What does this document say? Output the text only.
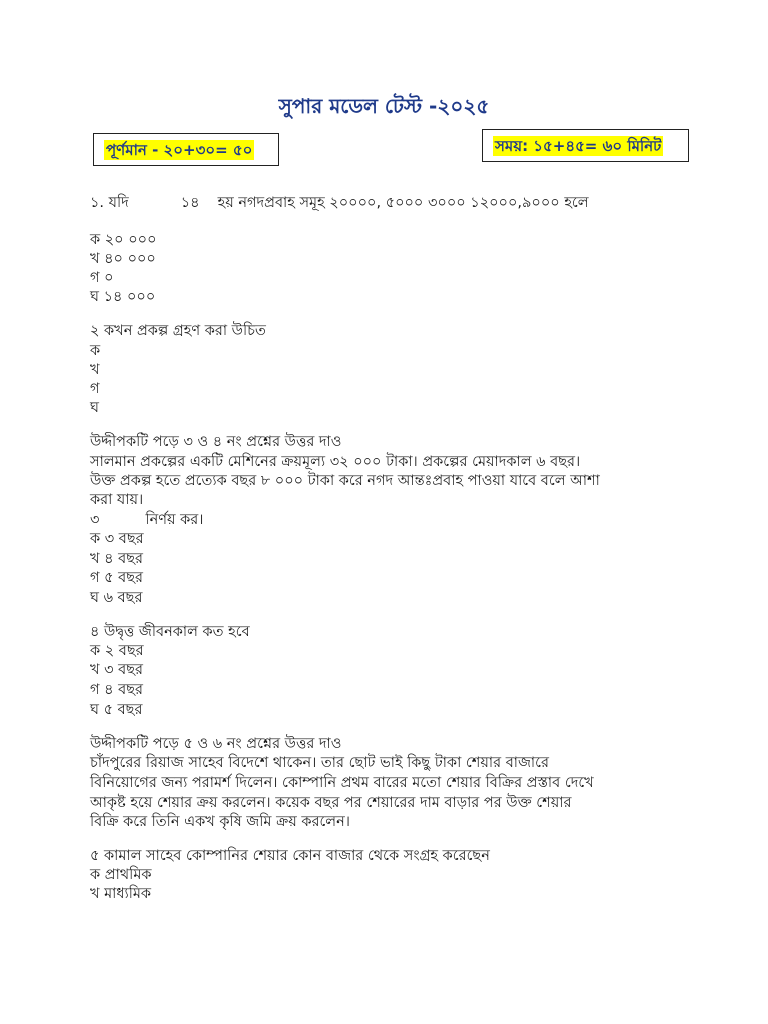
সুপার মডেল টেস্ট -২০২৫
পূর্ণমান - ২০+৩০= ৫০	সময়: ১৫+৪৫= ৬০ মিনিট
১. যদি	১৪ হয় নগদপ্রবাহ সমূহ ২০০০০, ৫০০০ ৩০০০ ১২০০০,৯০০০ হলে
ক ২০ ০০০
খ ৪০ ০০০
গ ০
ঘ ১৪ ০০০
২ কখন প্রকল্প গ্রহণ করা উচিত
ক
খ
গ
ঘ
উদ্দীপকটি পড়ে ৩ ও ৪ নং প্রশ্নের উত্তর দাও
সালমান প্রকল্পের একটি মেশিনের ক্রয়মূল্য ৩২ ০০০ টাকা। প্রকল্পের মেয়াদকাল ৬ বছর।
উক্ত প্রকল্প হতে প্রত্যেক বছর ৮ ০০০ টাকা করে নগদ আন্তঃপ্রবাহ পাওয়া যাবে বলে আশা
করা যায়।
৩	নির্ণয় কর।
ক ৩ বছর
খ ৪ বছর
গ ৫ বছর
ঘ ৬ বছর
৪ উদ্বৃত্ত জীবনকাল কত হবে
ক ২ বছর
খ ৩ বছর
গ ৪ বছর
ঘ ৫ বছর
উদ্দীপকটি পড়ে ৫ ও ৬ নং প্রশ্নের উত্তর দাও
চাঁদপুরের রিয়াজ সাহেব বিদেশে থাকেন। তার ছোট ভাই কিছু টাকা শেয়ার বাজারে
বিনিয়োগের জন্য পরামর্শ দিলেন। কোম্পানি প্রথম বারের মতো শেয়ার বিক্রির প্রস্তাব দেখে
আকৃষ্ট হয়ে শেয়ার ক্রয় করলেন। কয়েক বছর পর শেয়ারের দাম বাড়ার পর উক্ত শেয়ার
বিক্রি করে তিনি একখ কৃষি জমি ক্রয় করলেন।
৫ কামাল সাহেব কোম্পানির শেয়ার কোন বাজার থেকে সংগ্রহ করেছেন
ক প্রাথমিক
খ মাধ্যমিক
